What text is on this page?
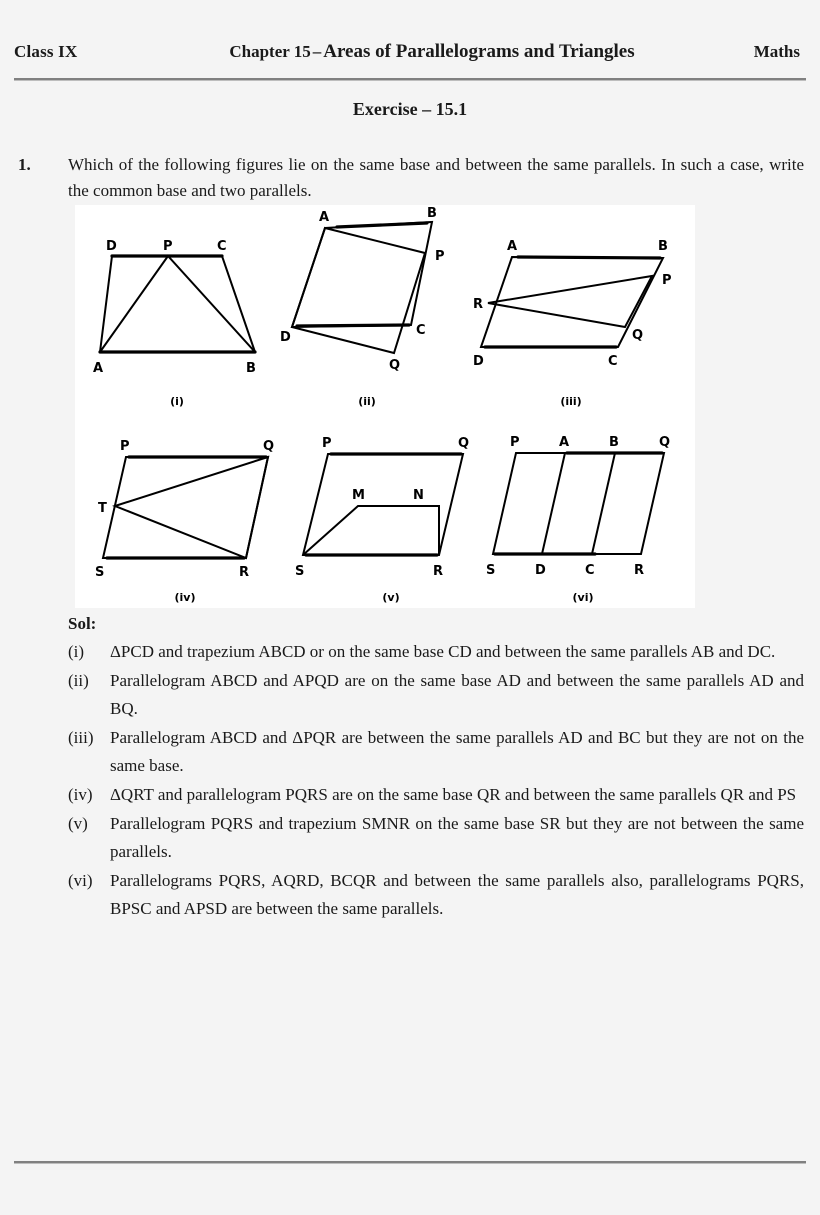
Class IX	Chapter 15 – Areas of Parallelograms and Triangles	Maths
Exercise – 15.1
1.	Which of the following figures lie on the same base and between the same parallels. In such a case, write the common base and two parallels.
D	P	C
A	B
(i)
A	B
P
D	C
Q
(ii)
A	B
P
R
Q
D	C
(iii)
P	Q
T
S	R
(iv)
P	Q
M	N
S	R
(v)
P	A	B	Q
S	D	C	R
(vi)
Sol:
(i)	ΔPCD and trapezium ABCD or on the same base CD and between the same parallels AB and DC.
(ii)	Parallelogram ABCD and APQD are on the same base AD and between the same parallels AD and BQ.
(iii) Parallelogram ABCD and ΔPQR are between the same parallels AD and BC but they are not on the same base.
(iv)	ΔQRT and parallelogram PQRS are on the same base QR and between the same parallels QR and PS
(v)	Parallelogram PQRS and trapezium SMNR on the same base SR but they are not between the same parallels.
(vi)	Parallelograms PQRS, AQRD, BCQR and between the same parallels also, parallelograms PQRS, BPSC and APSD are between the same parallels.
